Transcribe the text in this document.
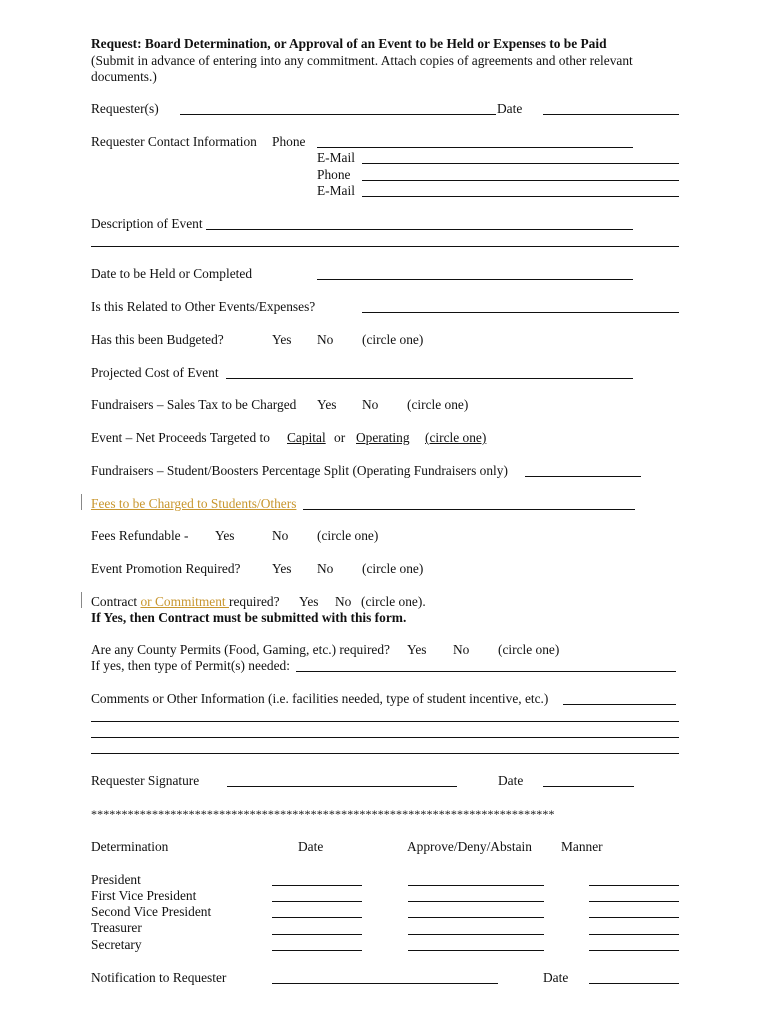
Request: Board Determination, or Approval of an Event to be Held or Expenses to be Paid
(Submit in advance of entering into any commitment. Attach copies of agreements and other relevant
documents.)
Requester(s)	Date
Requester Contact Information Phone
E-Mail
Phone
E-Mail
Description of Event
Date to be Held or Completed
Is this Related to Other Events/Expenses?
Has this been Budgeted?	Yes No (circle one)
Projected Cost of Event
Fundraisers – Sales Tax to be Charged Yes No (circle one)
Event – Net Proceeds Targeted to Capital or Operating (circle one)
Fundraisers – Student/Boosters Percentage Split (Operating Fundraisers only)
Fees to be Charged to Students/Others
Fees Refundable - Yes	No (circle one)
Event Promotion Required? Yes No (circle one)
Contract or Commitment required? Yes No (circle one).
If Yes, then Contract must be submitted with this form.
Are any County Permits (Food, Gaming, etc.) required? Yes No (circle one)
If yes, then type of Permit(s) needed:
Comments or Other Information (i.e. facilities needed, type of student incentive, etc.)
Requester Signature	Date
****************************************************************************
Determination	Date	Approve/Deny/Abstain Manner
President
First Vice President
Second Vice President
Treasurer
Secretary
Notification to Requester	Date
